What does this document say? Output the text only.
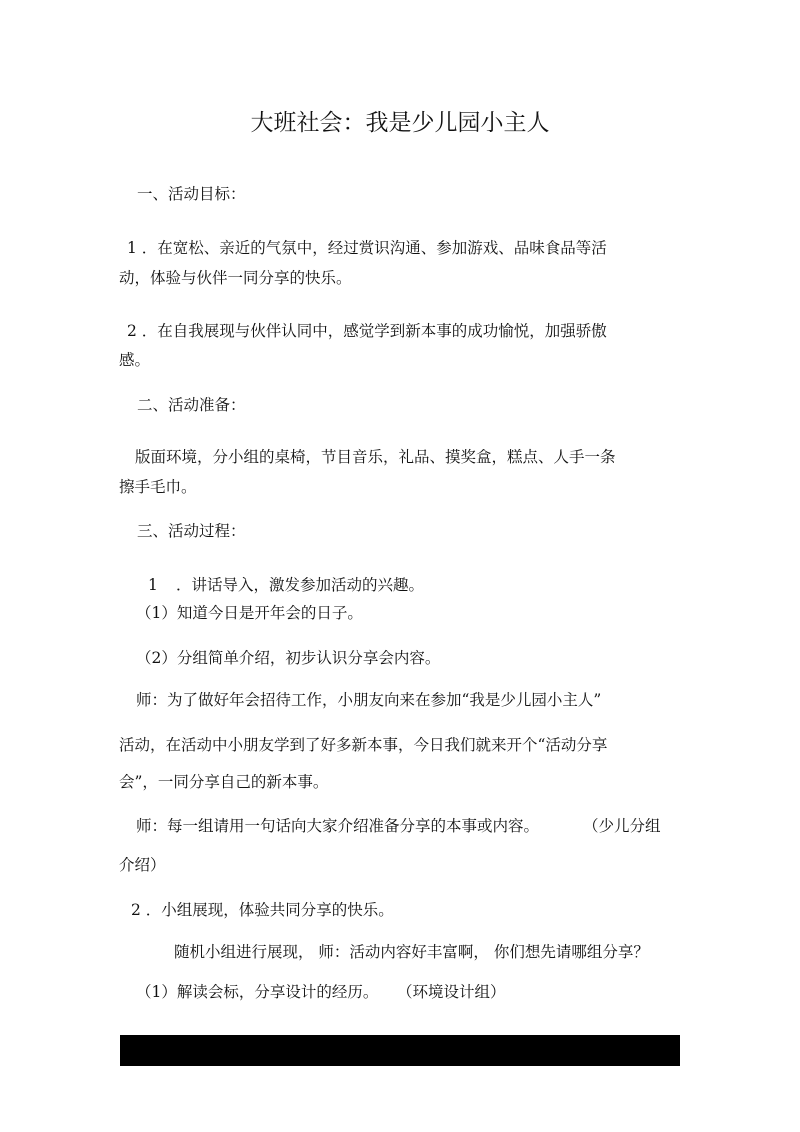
大班社会：我是少儿园小主人

一、活动目标：

1 ．在宽松、亲近的气氛中，经过赏识沟通、参加游戏、品味食品等活

动，体验与伙伴一同分享的快乐。

2 ．在自我展现与伙伴认同中，感觉学到新本事的成功愉悦，加强骄傲

感。

二、活动准备：

版面环境，分小组的桌椅，节目音乐，礼品、摸奖盒，糕点、人手一条

擦手毛巾。

三、活动过程：

1 ．讲话导入，激发参加活动的兴趣。

（1）知道今日是开年会的日子。

（2）分组简单介绍，初步认识分享会内容。

师：为了做好年会招待工作，小朋友向来在参加“我是少儿园小主人”

活动，在活动中小朋友学到了好多新本事，今日我们就来开个“活动分享

会”，一同分享自己的新本事。

师：每一组请用一句话向大家介绍准备分享的本事或内容。	（少儿分组

介绍）

2 ．小组展现，体验共同分享的快乐。

随机小组进行展现， 师：活动内容好丰富啊， 你们想先请哪组分享？

（1）解读会标，分享设计的经历。 （环境设计组）
